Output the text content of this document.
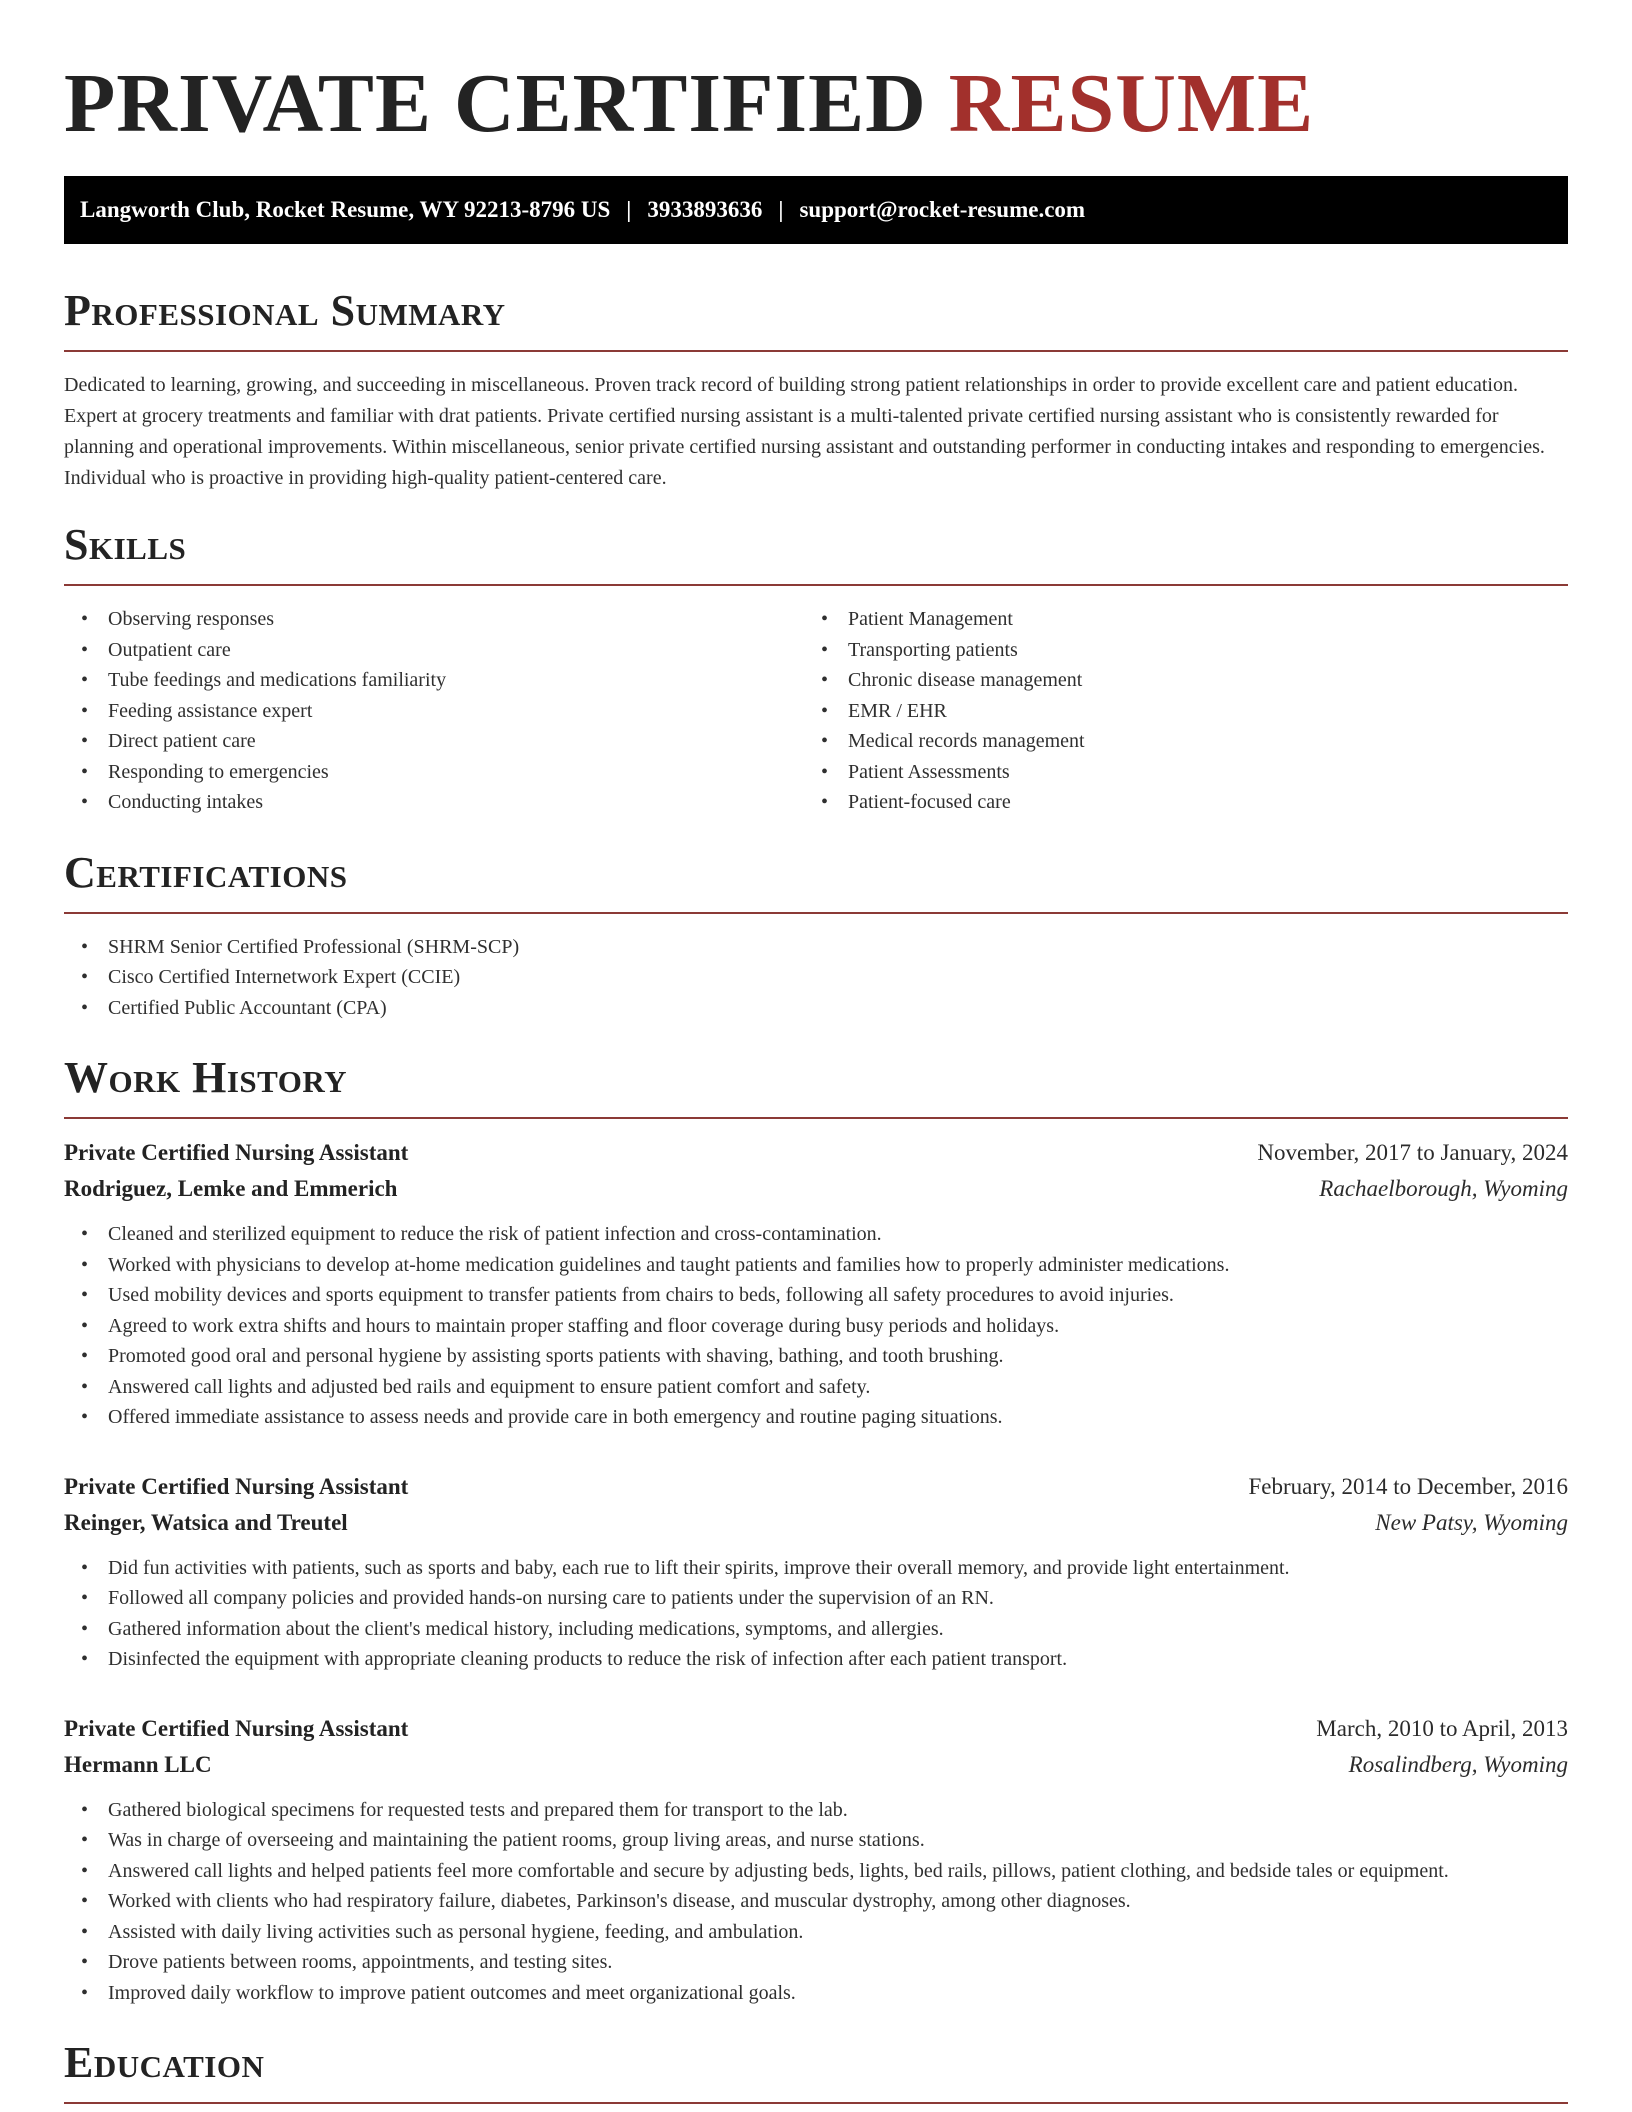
PRIVATE CERTIFIED RESUME
Langworth Club, Rocket Resume, WY 92213-8796 US | 3933893636 | support@rocket-resume.com
Professional Summary

Dedicated to learning, growing, and succeeding in miscellaneous. Proven track record of building strong patient relationships in order to provide excellent care and patient education. Expert at grocery treatments and familiar with drat patients. Private certified nursing assistant is a multi-talented private certified nursing assistant who is consistently rewarded for planning and operational improvements. Within miscellaneous, senior private certified nursing assistant and outstanding performer in conducting intakes and responding to emergencies. Individual who is proactive in providing high-quality patient-centered care.

Skills
• Observing responses
• Outpatient care
• Tube feedings and medications familiarity
• Feeding assistance expert
• Direct patient care
• Responding to emergencies
• Conducting intakes
• Patient Management
• Transporting patients
• Chronic disease management
• EMR / EHR
• Medical records management
• Patient Assessments
• Patient-focused care
Certifications
• SHRM Senior Certified Professional (SHRM-SCP)
• Cisco Certified Internetwork Expert (CCIE)
• Certified Public Accountant (CPA)
Work History
Private Certified Nursing Assistant	November, 2017 to January, 2024
Rodriguez, Lemke and Emmerich	Rachaelborough, Wyoming
• Cleaned and sterilized equipment to reduce the risk of patient infection and cross-contamination.
• Worked with physicians to develop at-home medication guidelines and taught patients and families how to properly administer medications.
• Used mobility devices and sports equipment to transfer patients from chairs to beds, following all safety procedures to avoid injuries.
• Agreed to work extra shifts and hours to maintain proper staffing and floor coverage during busy periods and holidays.
• Promoted good oral and personal hygiene by assisting sports patients with shaving, bathing, and tooth brushing.
• Answered call lights and adjusted bed rails and equipment to ensure patient comfort and safety.
• Offered immediate assistance to assess needs and provide care in both emergency and routine paging situations.
Private Certified Nursing Assistant	February, 2014 to December, 2016
Reinger, Watsica and Treutel	New Patsy, Wyoming
• Did fun activities with patients, such as sports and baby, each rue to lift their spirits, improve their overall memory, and provide light entertainment.
• Followed all company policies and provided hands-on nursing care to patients under the supervision of an RN.
• Gathered information about the client's medical history, including medications, symptoms, and allergies.
• Disinfected the equipment with appropriate cleaning products to reduce the risk of infection after each patient transport.
Private Certified Nursing Assistant	March, 2010 to April, 2013
Hermann LLC	Rosalindberg, Wyoming
• Gathered biological specimens for requested tests and prepared them for transport to the lab.
• Was in charge of overseeing and maintaining the patient rooms, group living areas, and nurse stations.
• Answered call lights and helped patients feel more comfortable and secure by adjusting beds, lights, bed rails, pillows, patient clothing, and bedside tales or equipment.
• Worked with clients who had respiratory failure, diabetes, Parkinson's disease, and muscular dystrophy, among other diagnoses.
• Assisted with daily living activities such as personal hygiene, feeding, and ambulation.
• Drove patients between rooms, appointments, and testing sites.
• Improved daily workflow to improve patient outcomes and meet organizational goals.
Education
